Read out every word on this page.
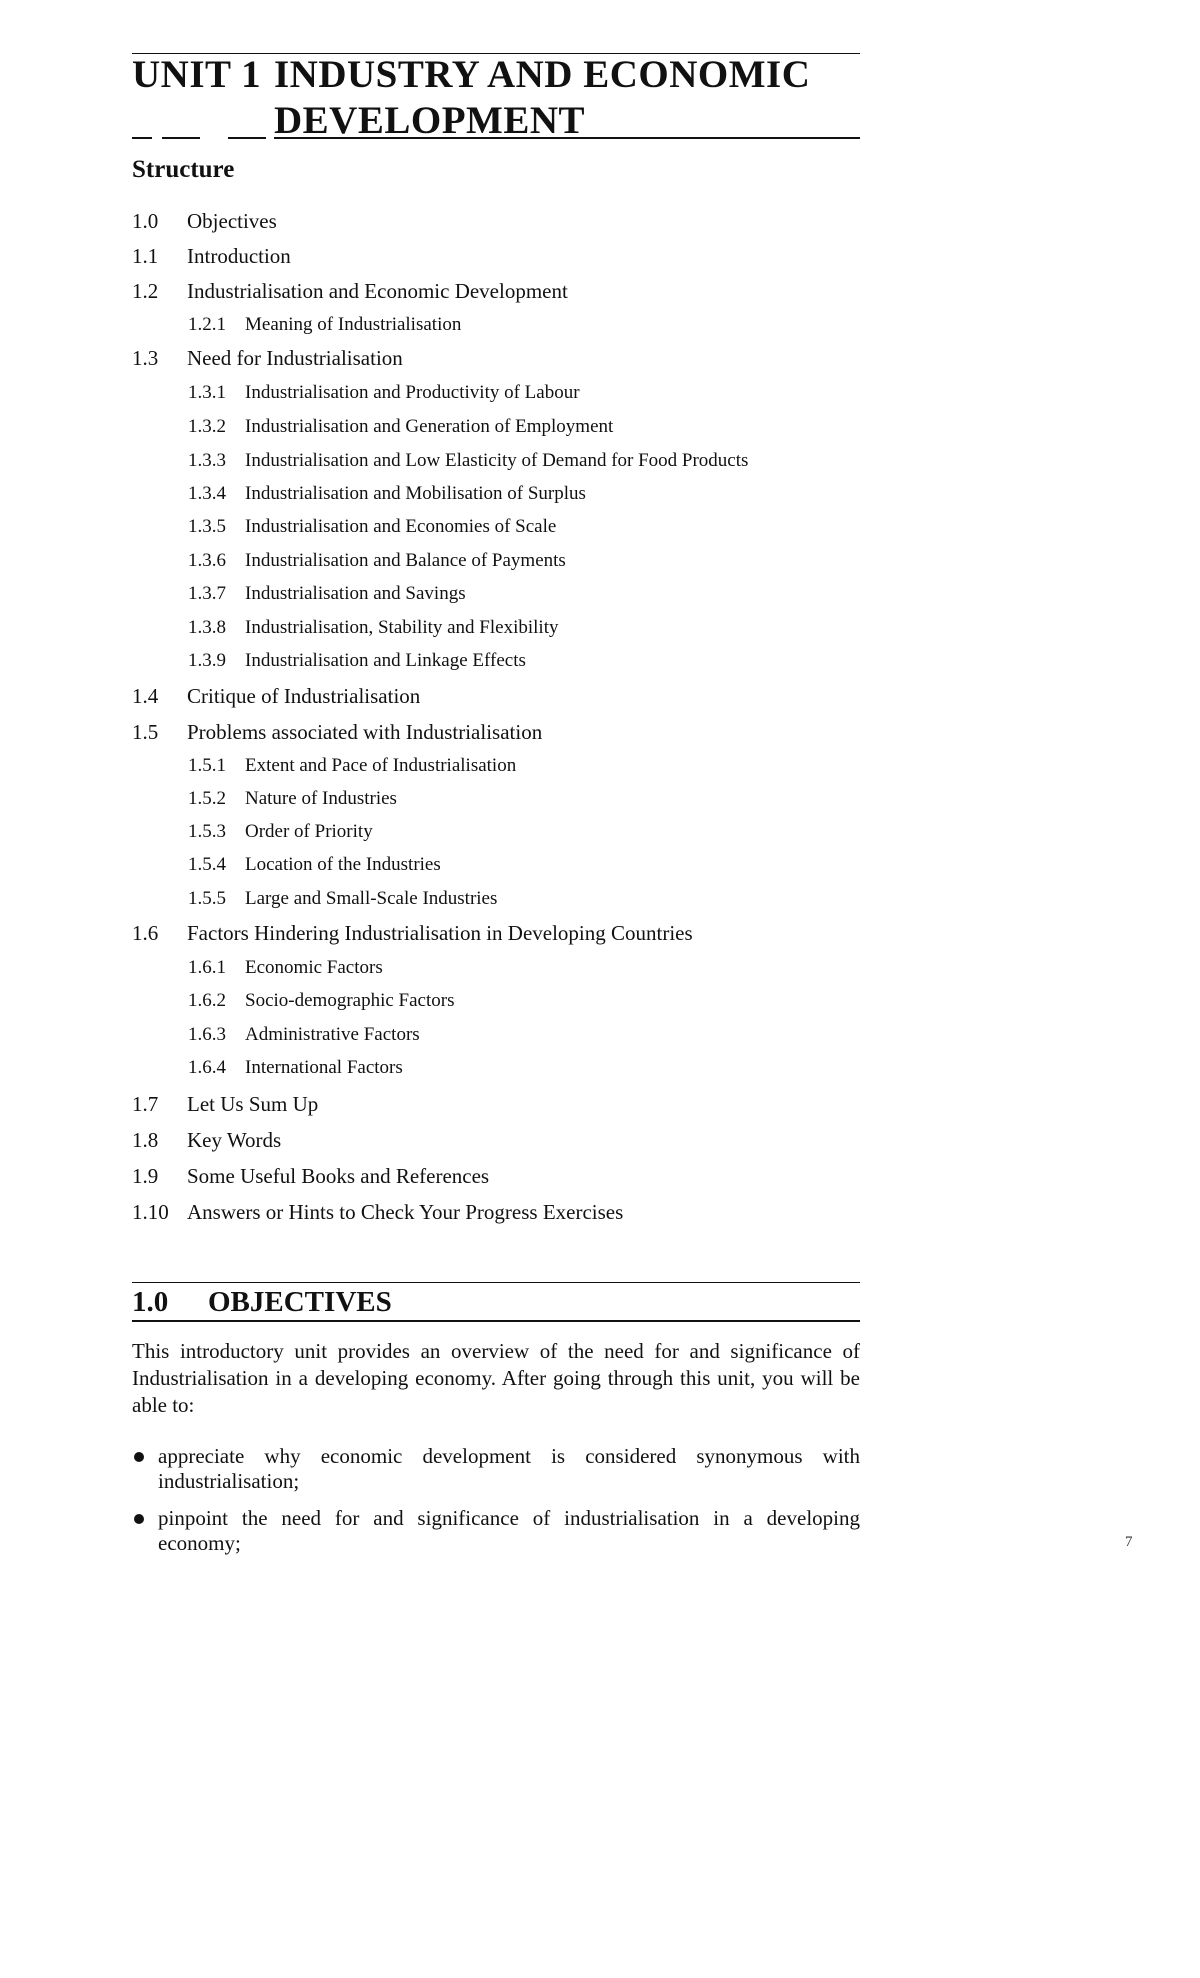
UNIT 1 INDUSTRY AND ECONOMIC
DEVELOPMENT
Structure
1.0 Objectives
1.1 Introduction
1.2 Industrialisation and Economic Development
1.2.1 Meaning of Industrialisation
1.3 Need for Industrialisation
1.3.1 Industrialisation and Productivity of Labour
1.3.2 Industrialisation and Generation of Employment
1.3.3 Industrialisation and Low Elasticity of Demand for Food Products
1.3.4 Industrialisation and Mobilisation of Surplus
1.3.5 Industrialisation and Economies of Scale
1.3.6 Industrialisation and Balance of Payments
1.3.7 Industrialisation and Savings
1.3.8 Industrialisation, Stability and Flexibility
1.3.9 Industrialisation and Linkage Effects
1.4 Critique of Industrialisation
1.5 Problems associated with Industrialisation
1.5.1 Extent and Pace of Industrialisation
1.5.2 Nature of Industries
1.5.3 Order of Priority
1.5.4 Location of the Industries
1.5.5 Large and Small-Scale Industries
1.6 Factors Hindering Industrialisation in Developing Countries
1.6.1 Economic Factors
1.6.2 Socio-demographic Factors
1.6.3 Administrative Factors
1.6.4 International Factors
1.7 Let Us Sum Up
1.8 Key Words
1.9 Some Useful Books and References
1.10 Answers or Hints to Check Your Progress Exercises
1.0 OBJECTIVES

This introductory unit provides an overview of the need for and significance of Industrialisation in a developing economy. After going through this unit, you will be able to:

appreciate why economic development is considered synonymous with industrialisation;
pinpoint the need for and significance of industrialisation in a developing economy;	7
